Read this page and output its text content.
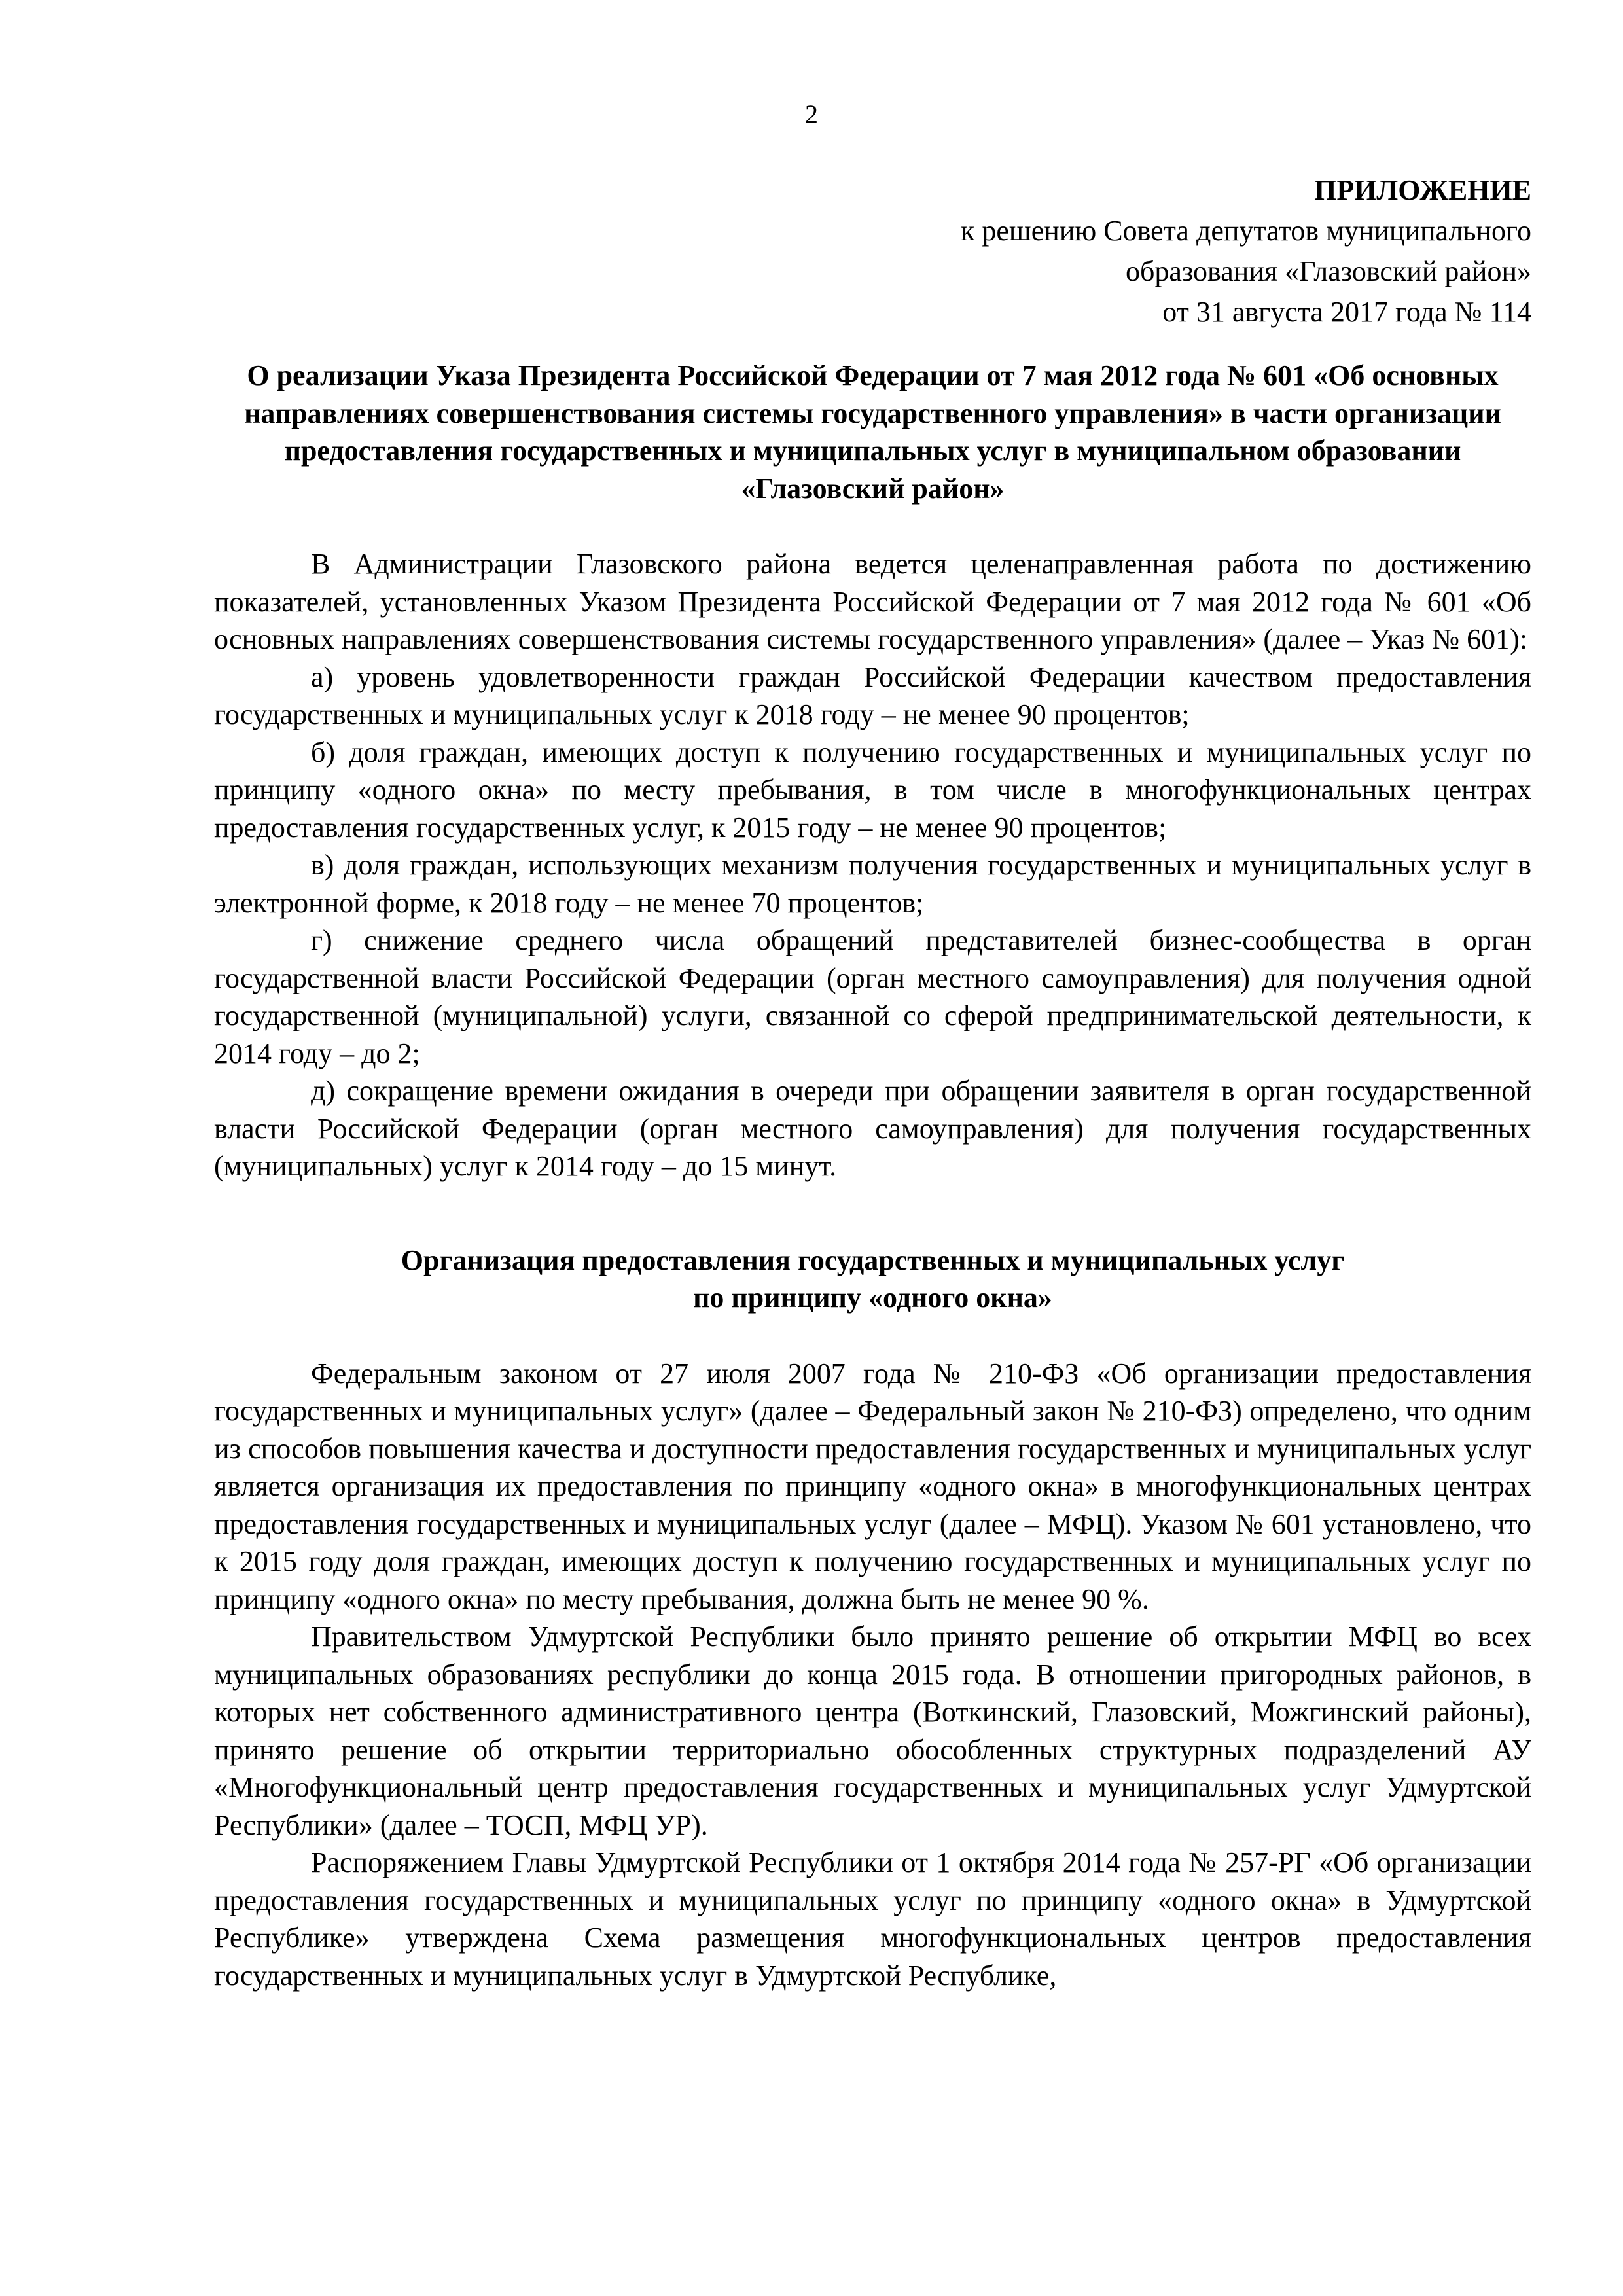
2

ПРИЛОЖЕНИЕ
к решению Совета депутатов муниципального
образования «Глазовский район»
от 31 августа 2017 года № 114
О реализации Указа Президента Российской Федерации от 7 мая 2012 года № 601 «Об основных направлениях совершенствования системы государственного управления» в части организации предоставления государственных и муниципальных услуг в муниципальном образовании «Глазовский район»

В Администрации Глазовского района ведется целенаправленная работа по достижению показателей, установленных Указом Президента Российской Федерации от 7 мая 2012 года № 601 «Об основных направлениях совершенствования системы государственного управления» (далее – Указ № 601):

а) уровень удовлетворенности граждан Российской Федерации качеством предоставления государственных и муниципальных услуг к 2018 году – не менее 90 процентов;

б) доля граждан, имеющих доступ к получению государственных и муниципальных услуг по принципу «одного окна» по месту пребывания, в том числе в многофункциональных центрах предоставления государственных услуг, к 2015 году – не менее 90 процентов;

в) доля граждан, использующих механизм получения государственных и муниципальных услуг в электронной форме, к 2018 году – не менее 70 процентов;

г) снижение среднего числа обращений представителей бизнес-сообщества в орган государственной власти Российской Федерации (орган местного самоуправления) для получения одной государственной (муниципальной) услуги, связанной со сферой предпринимательской деятельности, к 2014 году – до 2;

д) сокращение времени ожидания в очереди при обращении заявителя в орган государственной власти Российской Федерации (орган местного самоуправления) для получения государственных (муниципальных) услуг к 2014 году – до 15 минут.

Организация предоставления государственных и муниципальных услуг
по принципу «одного окна»

Федеральным законом от 27 июля 2007 года № 210-ФЗ «Об организации предоставления государственных и муниципальных услуг» (далее – Федеральный закон № 210-ФЗ) определено, что одним из способов повышения качества и доступности предоставления государственных и муниципальных услуг является организация их предоставления по принципу «одного окна» в многофункциональных центрах предоставления государственных и муниципальных услуг (далее – МФЦ). Указом № 601 установлено, что к 2015 году доля граждан, имеющих доступ к получению государственных и муниципальных услуг по принципу «одного окна» по месту пребывания, должна быть не менее 90 %.

Правительством Удмуртской Республики было принято решение об открытии МФЦ во всех муниципальных образованиях республики до конца 2015 года. В отношении пригородных районов, в которых нет собственного административного центра (Воткинский, Глазовский, Можгинский районы), принято решение об открытии территориально обособленных структурных подразделений АУ «Многофункциональный центр предоставления государственных и муниципальных услуг Удмуртской Республики» (далее – ТОСП, МФЦ УР).

Распоряжением Главы Удмуртской Республики от 1 октября 2014 года № 257-РГ «Об организации предоставления государственных и муниципальных услуг по принципу «одного окна» в Удмуртской Республике» утверждена Схема размещения многофункциональных центров предоставления государственных и муниципальных услуг в Удмуртской Республике,
